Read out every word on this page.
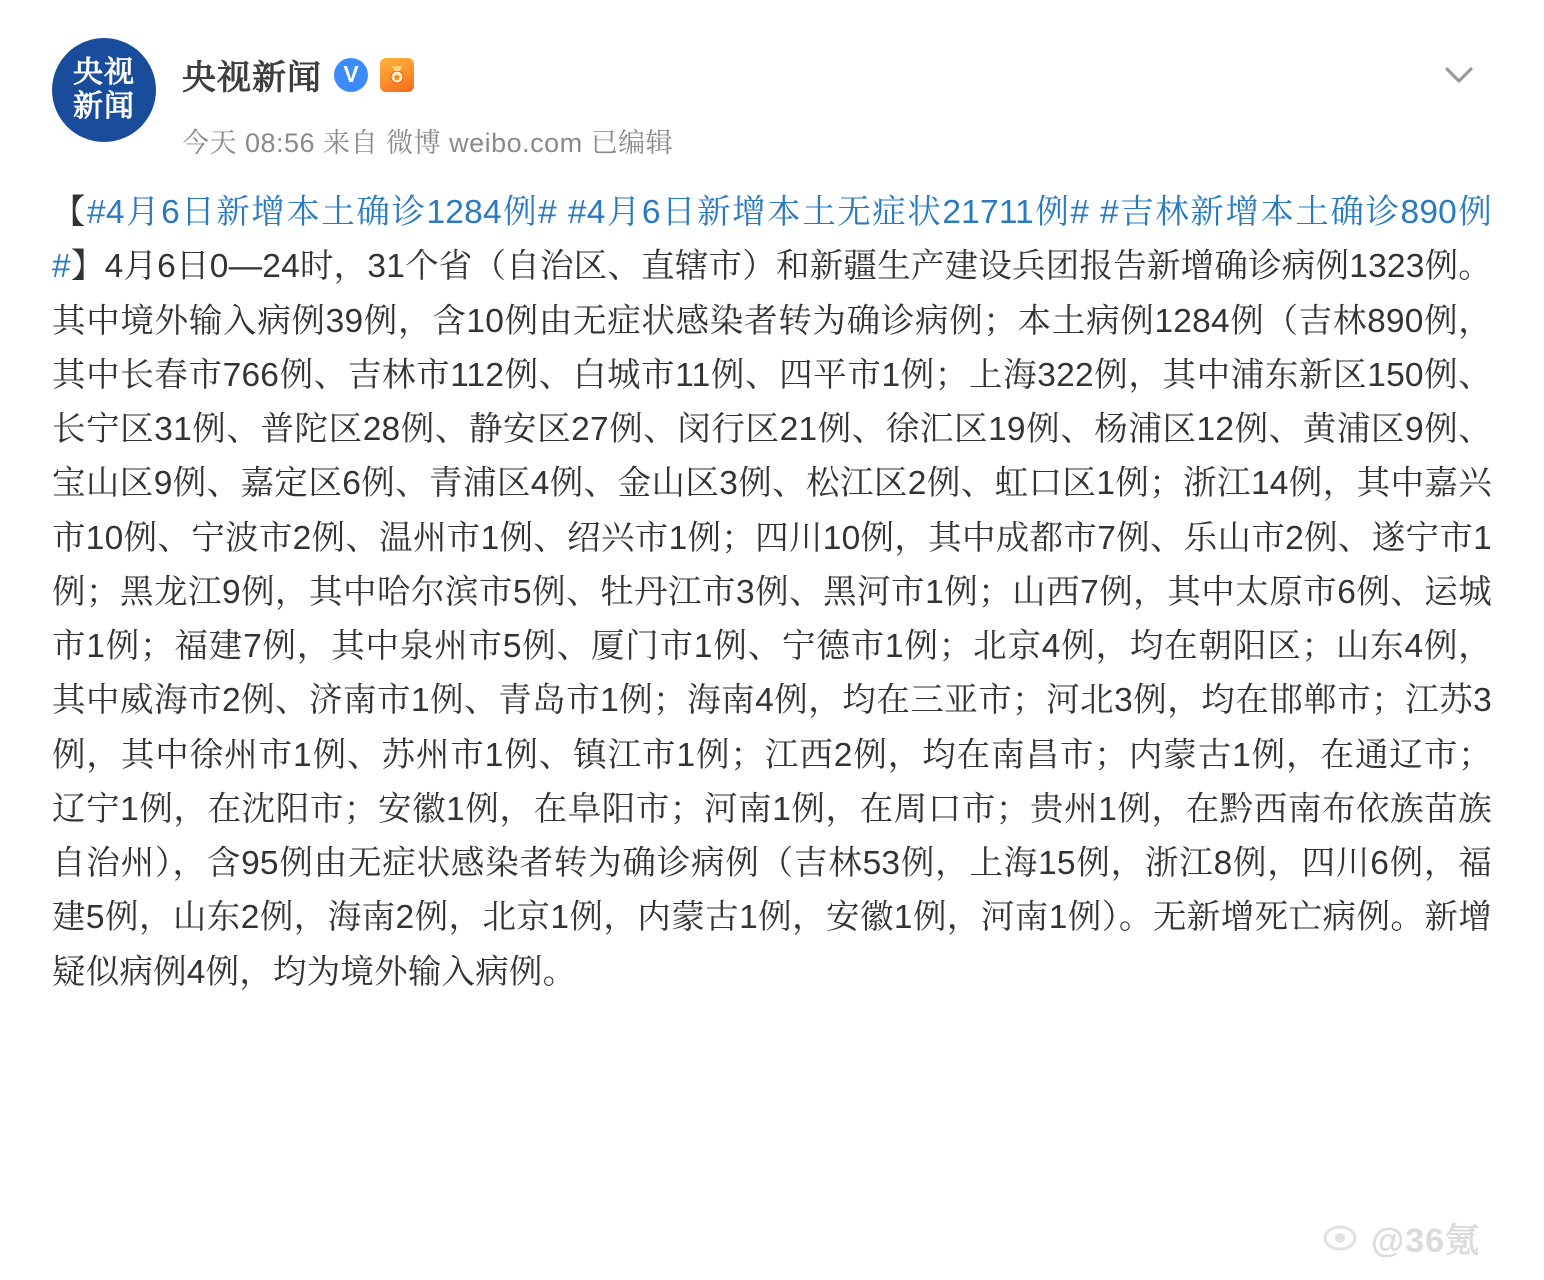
央视
新闻
央视新闻 V
今天 08:56 来自 微博 weibo.com 已编辑
【#4月6日新增本土确诊1284例# #4月6日新增本土无症状21711例# #吉林新增本土确诊890例#】4月6日0—24时，31个省（自治区、直辖市）和新疆生产建设兵团报告新增确诊病例1323例。其中境外输入病例39例，含10例由无症状感染者转为确诊病例；本土病例1284例（吉林890例，其中长春市766例、吉林市112例、白城市11例、四平市1例；上海322例，其中浦东新区150例、长宁区31例、普陀区28例、静安区27例、闵行区21例、徐汇区19例、杨浦区12例、黄浦区9例、宝山区9例、嘉定区6例、青浦区4例、金山区3例、松江区2例、虹口区1例；浙江14例，其中嘉兴市10例、宁波市2例、温州市1例、绍兴市1例；四川10例，其中成都市7例、乐山市2例、遂宁市1例；黑龙江9例，其中哈尔滨市5例、牡丹江市3例、黑河市1例；山西7例，其中太原市6例、运城市1例；福建7例，其中泉州市5例、厦门市1例、宁德市1例；北京4例，均在朝阳区；山东4例，其中威海市2例、济南市1例、青岛市1例；海南4例，均在三亚市；河北3例，均在邯郸市；江苏3例，其中徐州市1例、苏州市1例、镇江市1例；江西2例，均在南昌市；内蒙古1例，在通辽市；辽宁1例，在沈阳市；安徽1例，在阜阳市；河南1例，在周口市；贵州1例，在黔西南布依族苗族自治州），含95例由无症状感染者转为确诊病例（吉林53例，上海15例，浙江8例，四川6例，福建5例，山东2例，海南2例，北京1例，内蒙古1例，安徽1例，河南1例）。无新增死亡病例。新增疑似病例4例，均为境外输入病例。
@36氪
